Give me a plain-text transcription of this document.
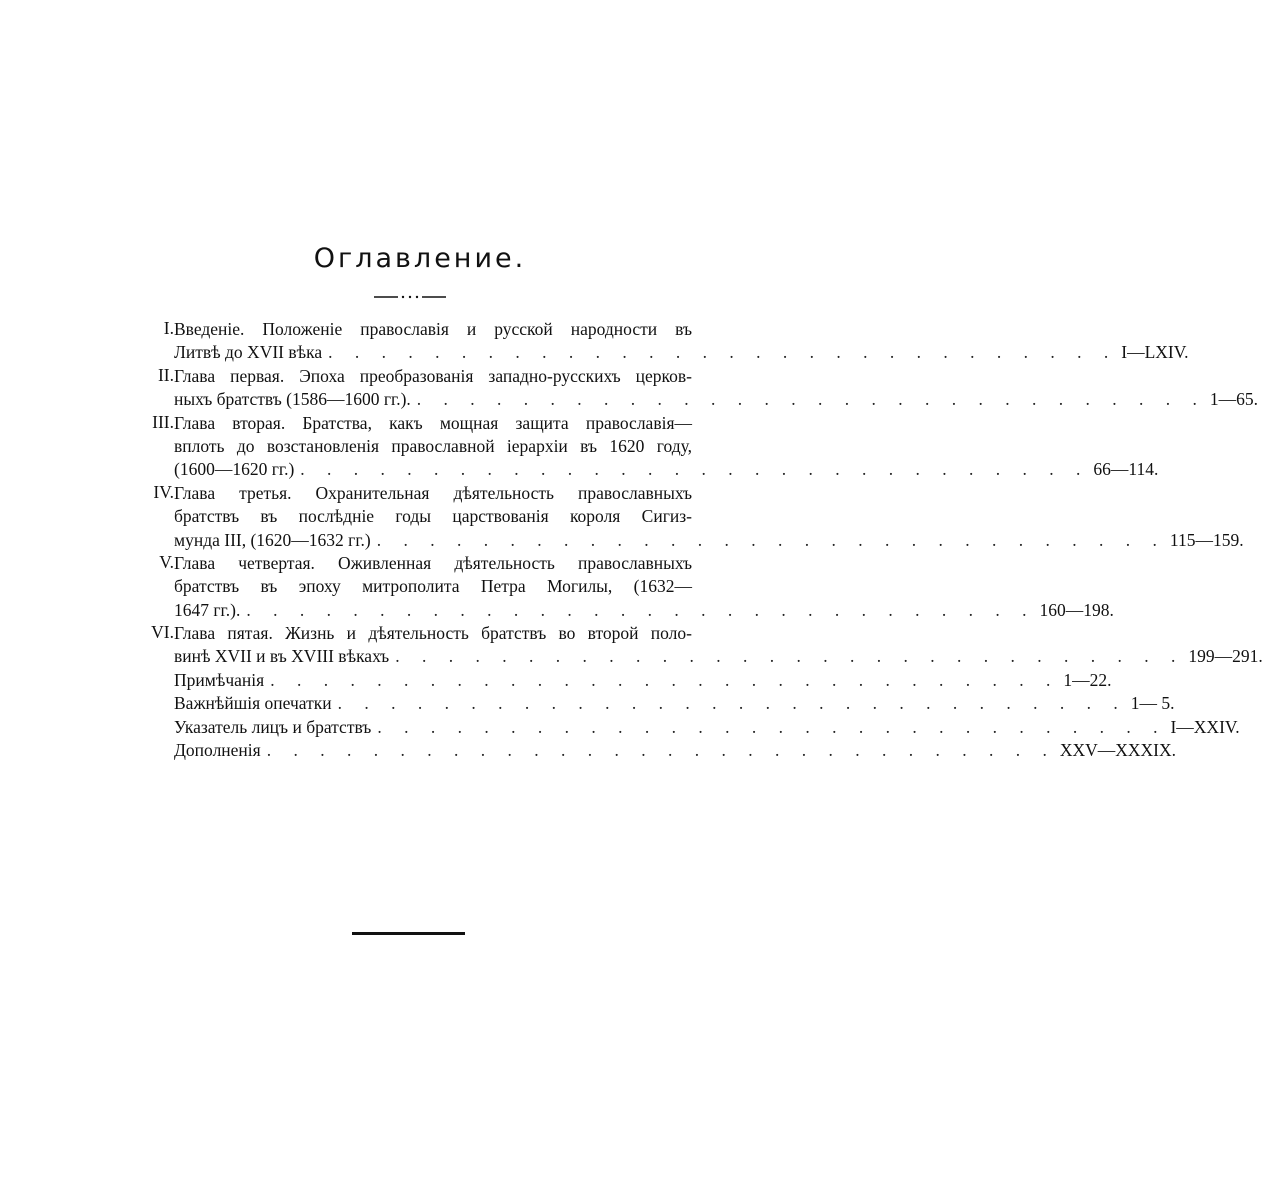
Оглавление.
I. Введеніе. Положеніе православія и русской народности въ
Литвѣ до XVII вѣка . . . . . . . . . . . . . . . . . . . . . . . . . . . . . . I—LXIV.
II. Глава первая. Эпоха преобразованія западно-русскихъ церков-
ныхъ братствъ (1586—1600 гг.). . . . . . . . . . . . . . . . . . . . . . . . . . . . . . . 1—65.
III. Глава вторая. Братства, какъ мощная защита православія—
вплоть до возстановленія православной іерархіи въ 1620 году,
(1600—1620 гг.) . . . . . . . . . . . . . . . . . . . . . . . . . . . . . . 66—114.
IV. Глава третья. Охранительная дѣятельность православныхъ
братствъ въ послѣдніе годы царствованія короля Сигиз-
мунда III, (1620—1632 гг.) . . . . . . . . . . . . . . . . . . . . . . . . . . . . . . 115—159.
V. Глава четвертая. Оживленная дѣятельность православныхъ
братствъ въ эпоху митрополита Петра Могилы, (1632—
1647 гг.). . . . . . . . . . . . . . . . . . . . . . . . . . . . . . . 160—198.
VI. Глава пятая. Жизнь и дѣятельность братствъ во второй поло-
винѣ XVII и въ XVIII вѣкахъ . . . . . . . . . . . . . . . . . . . . . . . . . . . . . . 199—291.
Примѣчанія . . . . . . . . . . . . . . . . . . . . . . . . . . . . . . 1—22.
Важнѣйшія опечатки . . . . . . . . . . . . . . . . . . . . . . . . . . . . . . 1— 5.
Указатель лицъ и братствъ . . . . . . . . . . . . . . . . . . . . . . . . . . . . . . I—XXIV.
Дополненія . . . . . . . . . . . . . . . . . . . . . . . . . . . . . . XXV—XXXIX.
